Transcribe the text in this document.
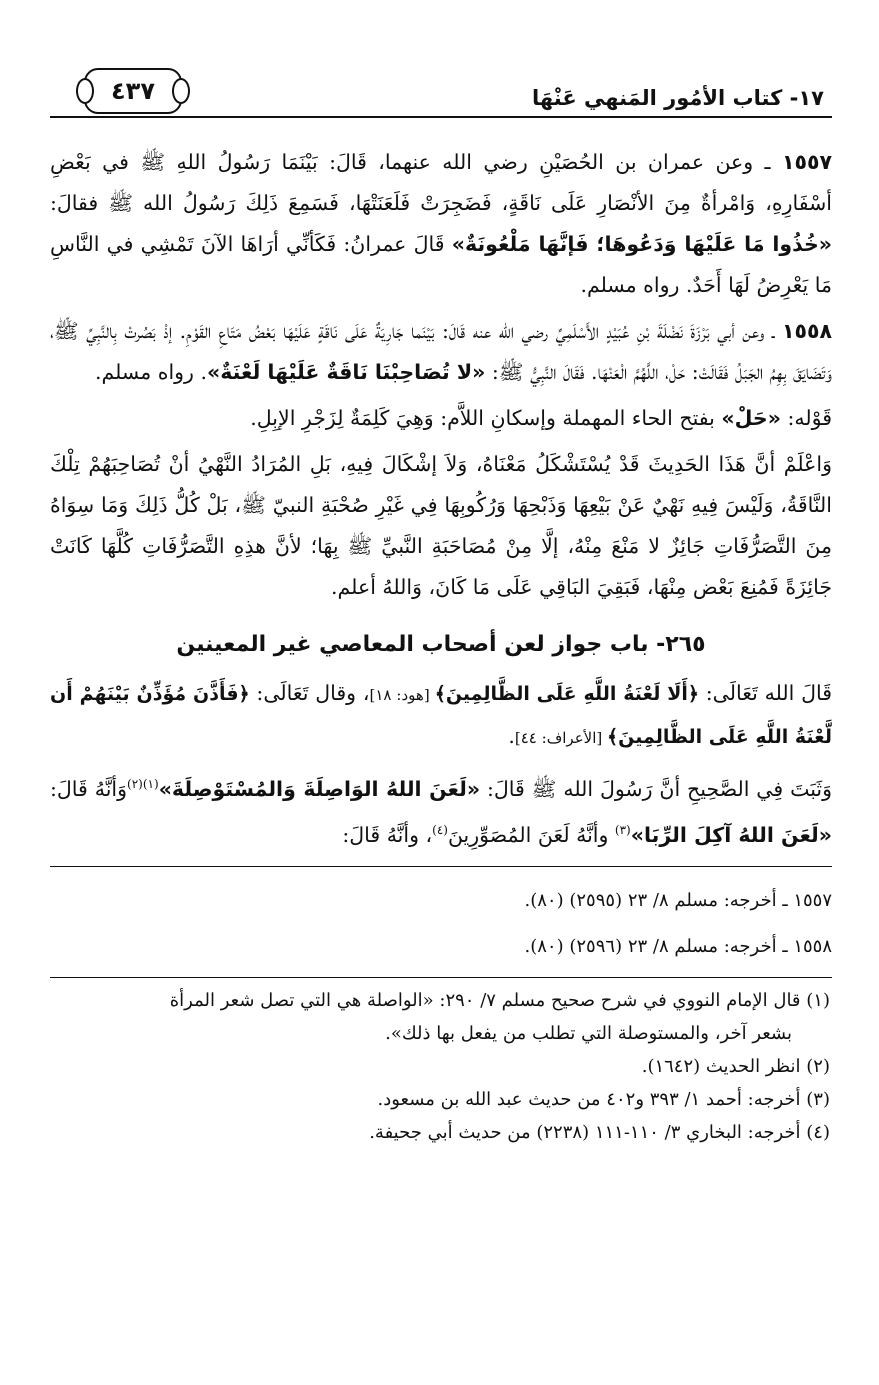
١٧- كتاب الأمُور المَنهي عَنْهَا
٤٣٧

١٥٥٧ ـ وعن عمران بن الحُصَيْنِ رضي الله عنهما، قَالَ: بَيْنَمَا رَسُولُ اللهِ ﷺ في بَعْضِ أسْفَارِهِ، وَامْرأةٌ مِنَ الأنْصَارِ عَلَى نَاقَةٍ، فَضَجِرَتْ فَلَعَنَتْهَا، فَسَمِعَ ذَلِكَ رَسُولُ الله ﷺ فقالَ: «خُذُوا مَا عَلَيْهَا وَدَعُوهَا؛ فَإنَّهَا مَلْعُونَةٌ» قَالَ عمرانُ: فَكَأنِّي أرَاهَا الآنَ تَمْشِي في النَّاسِ مَا يَعْرِضُ لَهَا أَحَدٌ. رواه مسلم.

١٥٥٨ ـ وعن أبي بَرْزَةَ نَضْلَةَ بْنِ عُبَيْدٍ الأَسْلَمِيِّ رضي الله عنه قَالَ: بَيْنَما جَارِيَةٌ عَلَى نَاقَةٍ عَلَيْهَا بَعْضُ مَتَاعِ القَوْمِ. إذْ بَصُرتْ بِالنَّبِيِّ ﷺ، وَتَضَايَقَ بِهِمُ الجَبَلُ فَقَالَتْ: حَلْ، اللَّهُمَّ الْعَنْهَا. فَقَالَ النَّبِيُّ ﷺ: «لا تُصَاحِبْنَا نَاقَةٌ عَلَيْهَا لَعْنَةٌ». رواه مسلم.

قَوْله: «حَلْ» بفتح الحاء المهملة وإسكانِ اللاَّم: وَهِيَ كَلِمَةٌ لِزَجْرِ الإبِلِ.

وَاعْلَمْ أنَّ هَذَا الحَدِيثَ قَدْ يُسْتَشْكَلُ مَعْنَاهُ، وَلاَ إشْكَالَ فِيهِ، بَلِ المُرَادُ النَّهْيُ أنْ تُصَاحِبَهُمْ تِلْكَ النَّاقَةُ، وَلَيْسَ فِيهِ نَهْيٌ عَنْ بَيْعِهَا وَذَبْحِهَا وَرُكُوبِهَا فِي غَيْرِ صُحْبَةِ النبيّ ﷺ، بَلْ كُلُّ ذَلِكَ وَمَا سِوَاهُ مِنَ التَّصَرُّفَاتِ جَائِزٌ لا مَنْعَ مِنْهُ، إلَّا مِنْ مُصَاحَبَةِ النَّبيِّ ﷺ بِهَا؛ لأنَّ هذِهِ التَّصَرُّفَاتِ كُلَّهَا كَانَتْ جَائِزَةً فَمُنِعَ بَعْض مِنْهَا، فَبَقِيَ البَاقِي عَلَى مَا كَانَ، وَاللهُ أعلم.

٢٦٥- باب جواز لعن أصحاب المعاصي غير المعينين

قَالَ الله تَعَالَى: ﴿أَلَا لَعْنَةُ اللَّهِ عَلَى الظَّالِمِينَ﴾ [هود: ١٨]، وقال تَعَالَى: ﴿فَأَذَّنَ مُؤَذِّنٌ بَيْنَهُمْ أَن لَّعْنَةُ اللَّهِ عَلَى الظَّالِمِينَ﴾ [الأعراف: ٤٤].

وَثَبَتَ فِي الصَّحِيحِ أنَّ رَسُولَ الله ﷺ قَالَ: «لَعَنَ اللهُ الوَاصِلَةَ وَالمُسْتَوْصِلَةَ»$^{(١)(٢)}$وَأنَّهُ قَالَ: «لَعَنَ اللهُ آكِلَ الرِّبَا»$^{(٣)}$ وأنَّهُ لَعَنَ المُصَوِّرِينَ$^{(٤)}$، وأنَّهُ قَالَ:

١٥٥٧ ـ أخرجه: مسلم ٨/ ٢٣ (٢٥٩٥) (٨٠).

١٥٥٨ ـ أخرجه: مسلم ٨/ ٢٣ (٢٥٩٦) (٨٠).

(١) قال الإمام النووي في شرح صحيح مسلم ٧/ ٢٩٠: «الواصلة هي التي تصل شعر المرأة

بشعر آخر، والمستوصلة التي تطلب من يفعل بها ذلك».

(٢) انظر الحديث (١٦٤٢).

(٣) أخرجه: أحمد ١/ ٣٩٣ و٤٠٢ من حديث عبد الله بن مسعود.

(٤) أخرجه: البخاري ٣/ ١١٠-١١١ (٢٢٣٨) من حديث أبي جحيفة.
